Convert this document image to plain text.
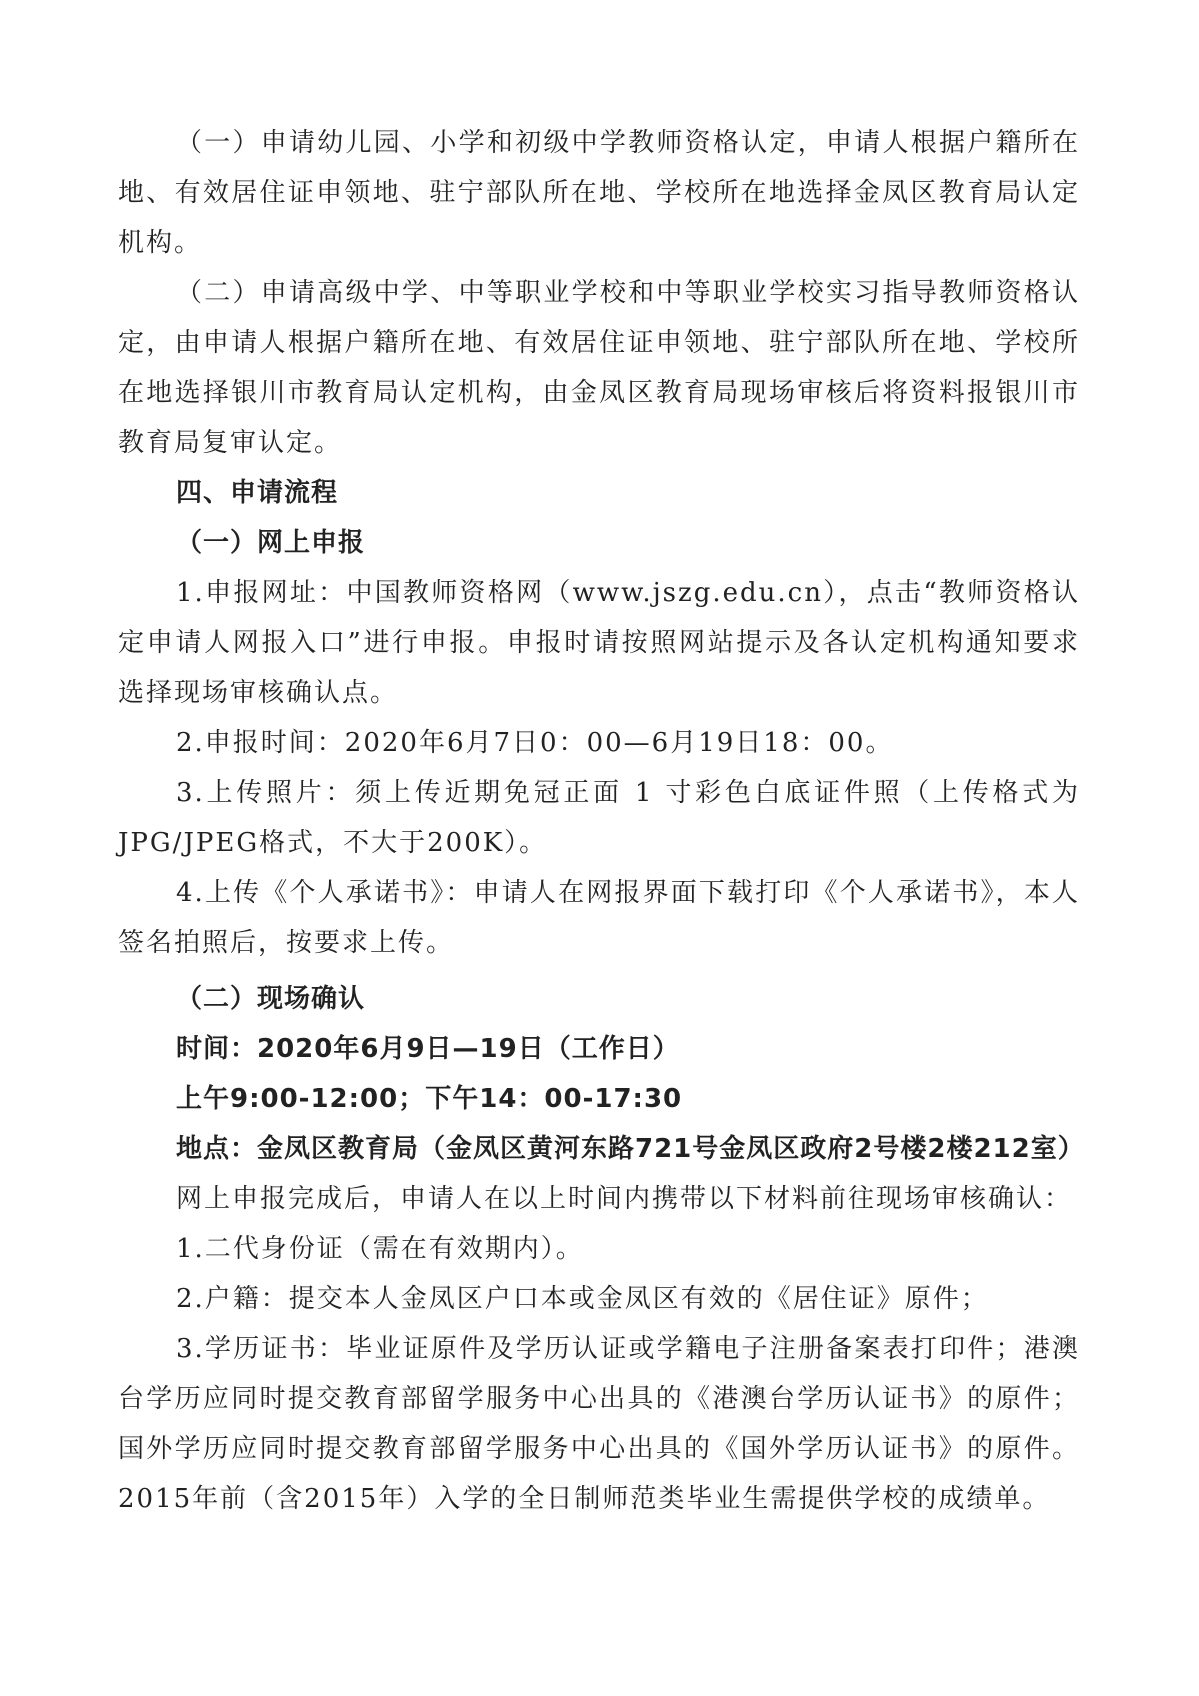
（一）申请幼儿园、小学和初级中学教师资格认定，申请人根据户籍所在地、有效居住证申领地、驻宁部队所在地、学校所在地选择金凤区教育局认定机构。

（二）申请高级中学、中等职业学校和中等职业学校实习指导教师资格认定，由申请人根据户籍所在地、有效居住证申领地、驻宁部队所在地、学校所在地选择银川市教育局认定机构，由金凤区教育局现场审核后将资料报银川市教育局复审认定。

四、申请流程

（一）网上申报

1.申报网址：中国教师资格网（www.jszg.edu.cn），点击“教师资格认定申请人网报入口”进行申报。申报时请按照网站提示及各认定机构通知要求选择现场审核确认点。

2.申报时间：2020年6月7日0：00—6月19日18：00。

3.上传照片：须上传近期免冠正面 1 寸彩色白底证件照（上传格式为JPG/JPEG格式，不大于200K）。

4.上传《个人承诺书》：申请人在网报界面下载打印《个人承诺书》，本人签名拍照后，按要求上传。

（二）现场确认

时间：2020年6月9日—19日（工作日）

上午9:00-12:00；下午14：00-17:30

地点：金凤区教育局（金凤区黄河东路721号金凤区政府2号楼2楼212室）

网上申报完成后，申请人在以上时间内携带以下材料前往现场审核确认：

1.二代身份证（需在有效期内）。

2.户籍：提交本人金凤区户口本或金凤区有效的《居住证》原件；

3.学历证书：毕业证原件及学历认证或学籍电子注册备案表打印件；港澳台学历应同时提交教育部留学服务中心出具的《港澳台学历认证书》的原件；国外学历应同时提交教育部留学服务中心出具的《国外学历认证书》的原件。2015年前（含2015年）入学的全日制师范类毕业生需提供学校的成绩单。
